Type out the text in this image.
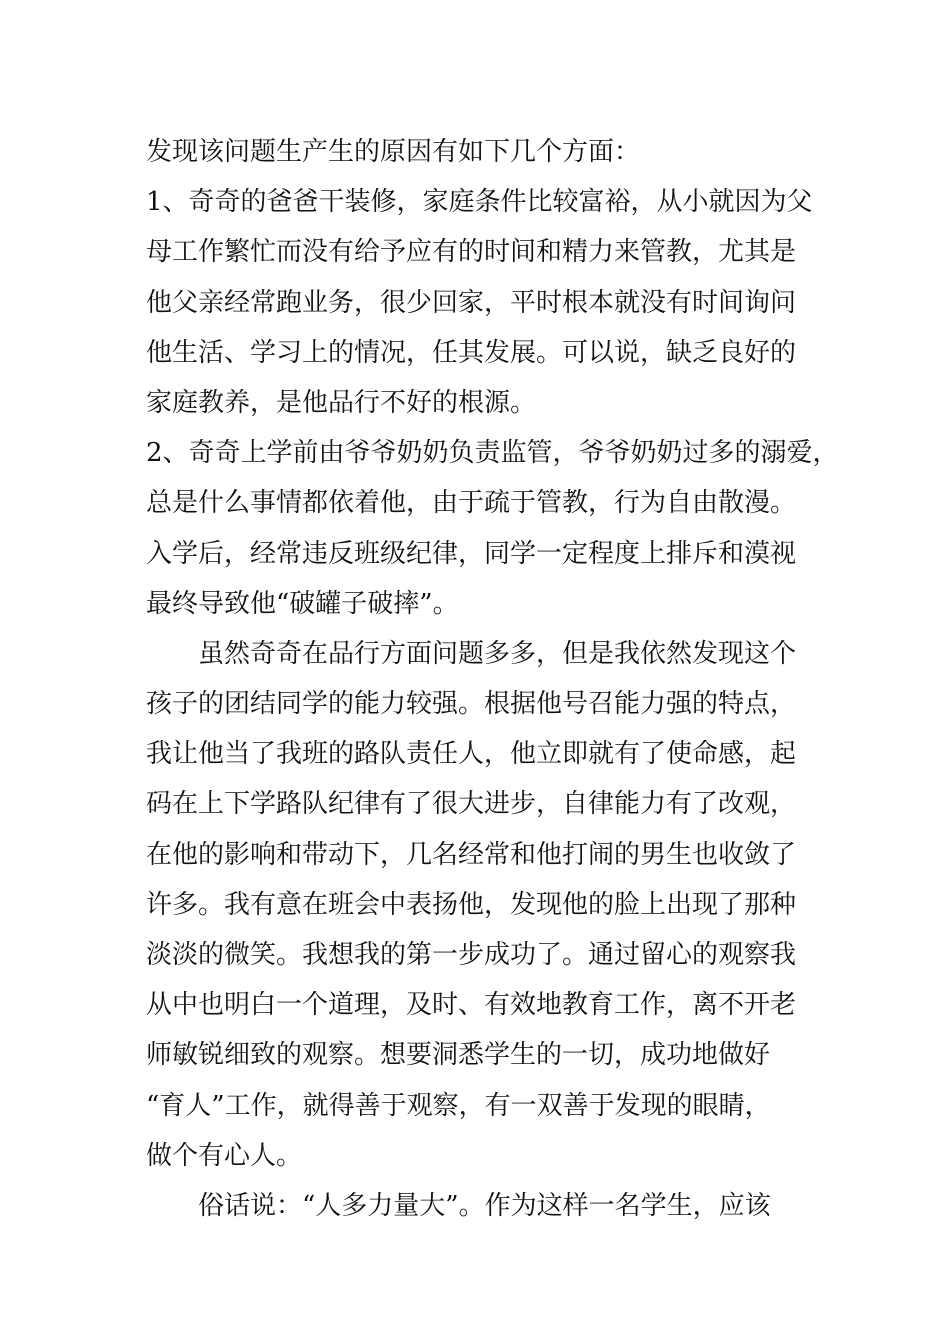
发现该问题生产生的原因有如下几个方面：
1、奇奇的爸爸干装修，家庭条件比较富裕，从小就因为父
母工作繁忙而没有给予应有的时间和精力来管教，尤其是
他父亲经常跑业务，很少回家，平时根本就没有时间询问
他生活、学习上的情况，任其发展。可以说，缺乏良好的
家庭教养，是他品行不好的根源。
2、奇奇上学前由爷爷奶奶负责监管，爷爷奶奶过多的溺爱，
总是什么事情都依着他，由于疏于管教，行为自由散漫。
入学后，经常违反班级纪律，同学一定程度上排斥和漠视
最终导致他“破罐子破摔”。
　　虽然奇奇在品行方面问题多多，但是我依然发现这个
孩子的团结同学的能力较强。根据他号召能力强的特点，
我让他当了我班的路队责任人，他立即就有了使命感，起
码在上下学路队纪律有了很大进步，自律能力有了改观，
在他的影响和带动下，几名经常和他打闹的男生也收敛了
许多。我有意在班会中表扬他，发现他的脸上出现了那种
淡淡的微笑。我想我的第一步成功了。通过留心的观察我
从中也明白一个道理，及时、有效地教育工作，离不开老
师敏锐细致的观察。想要洞悉学生的一切，成功地做好
“育人”工作，就得善于观察，有一双善于发现的眼睛，
做个有心人。
　　俗话说：“人多力量大”。作为这样一名学生，应该
